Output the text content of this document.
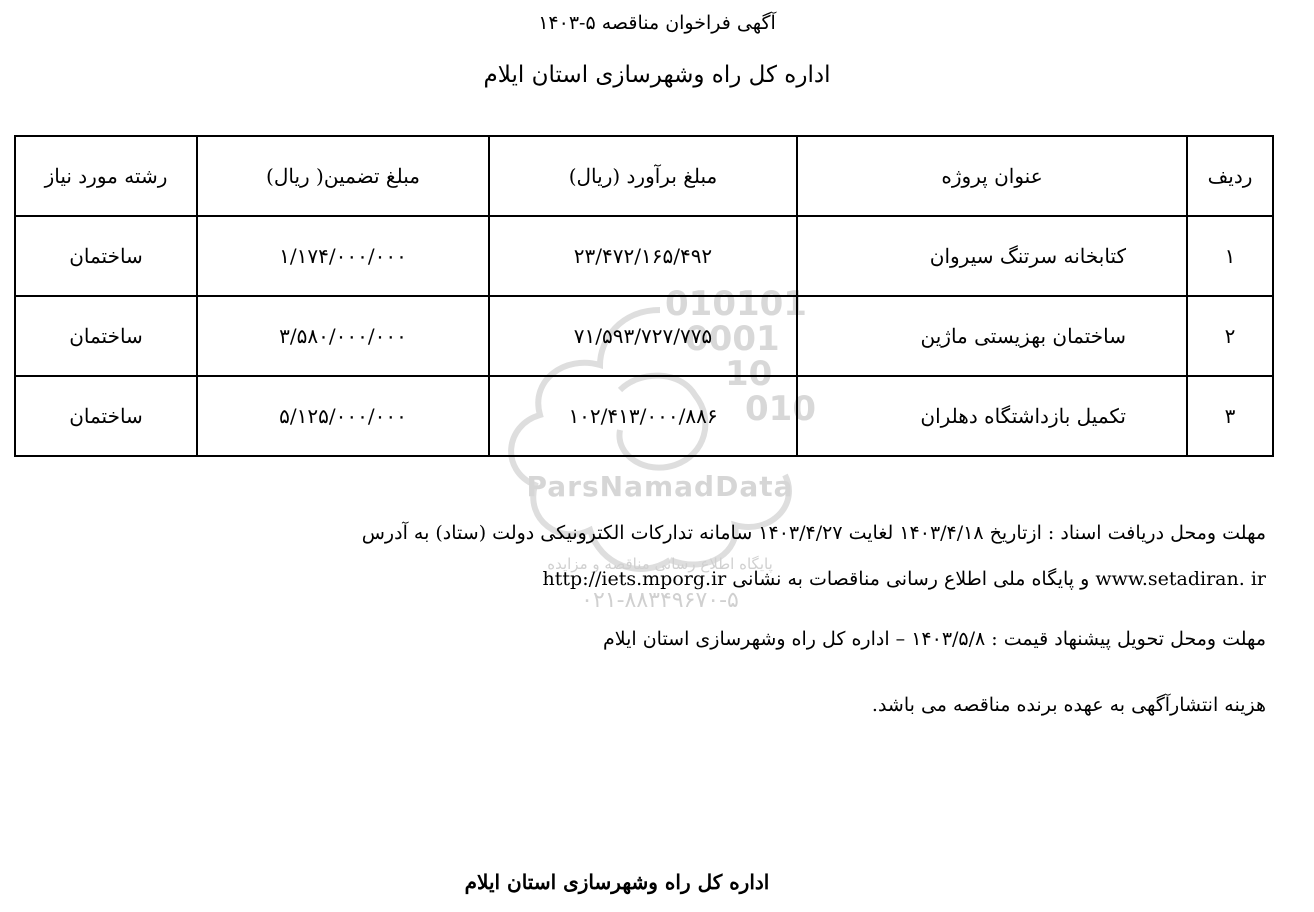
آگهی فراخوان مناقصه ۵-۱۴۰۳
اداره کل راه وشهرسازی استان ایلام
010101
0001
10
010
ParsNamadData
پایگاه اطلاع رسانی مناقصه و مزایده
۰۲۱-۸۸۳۴۹۶۷۰-۵
ردیف	عنوان پروژه	مبلغ برآورد (ریال)	مبلغ تضمین( ریال)	رشته مورد نیاز
۱	کتابخانه سرتنگ سیروان	۲۳/۴۷۲/۱۶۵/۴۹۲	۱/۱۷۴/۰۰۰/۰۰۰	ساختمان
۲	ساختمان بهزیستی ماژین	۷۱/۵۹۳/۷۲۷/۷۷۵	۳/۵۸۰/۰۰۰/۰۰۰	ساختمان
۳	تکمیل بازداشتگاه دهلران	۱۰۲/۴۱۳/۰۰۰/۸۸۶	۵/۱۲۵/۰۰۰/۰۰۰	ساختمان
مهلت ومحل دریافت اسناد : ازتاریخ ۱۴۰۳/۴/۱۸ لغایت ۱۴۰۳/۴/۲۷ سامانه تدارکات الکترونیکی دولت (ستاد) به آدرس
www.setadiran. ir و پایگاه ملی اطلاع رسانی مناقصات به نشانی http://iets.mporg.ir
مهلت ومحل تحویل پیشنهاد قیمت : ۱۴۰۳/۵/۸ – اداره کل راه وشهرسازی استان ایلام
هزینه انتشارآگهی به عهده برنده مناقصه می باشد.
اداره کل راه وشهرسازی استان ایلام
